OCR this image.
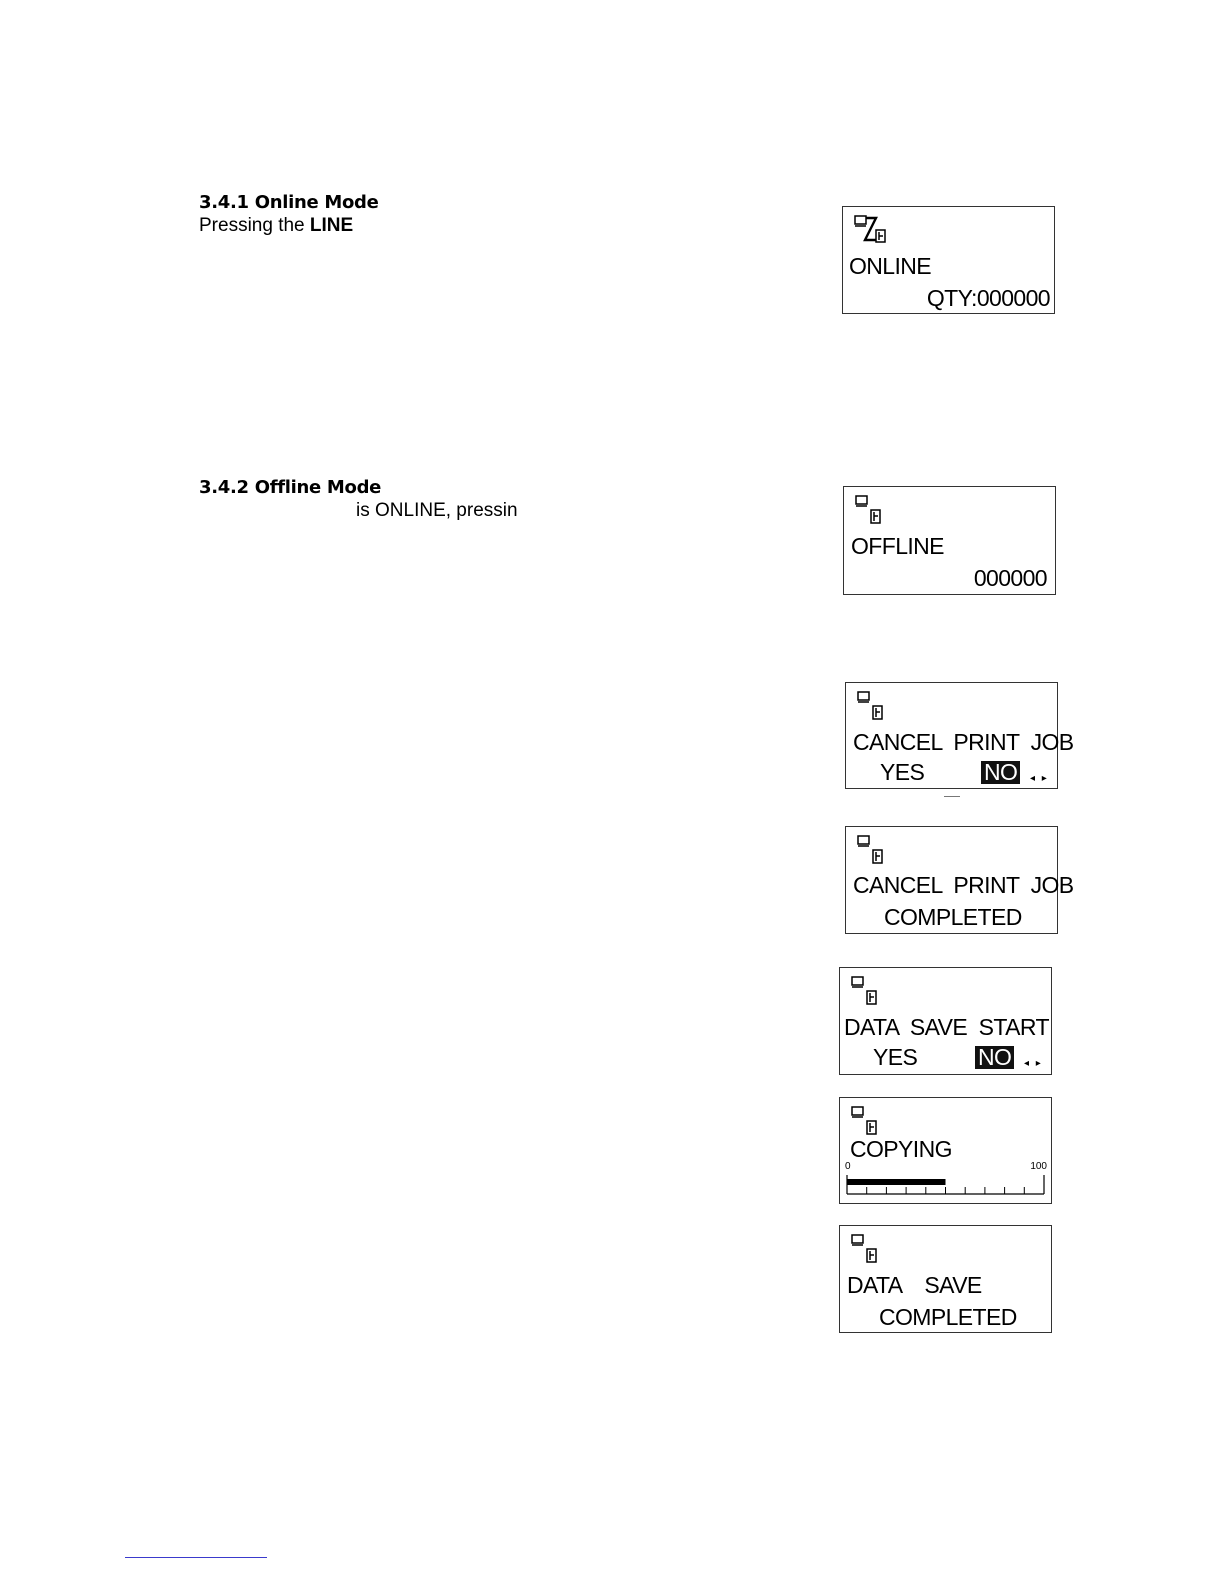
3.4.1 Online Mode
Pressing the LINE
3.4.2 Offline Mode
is ONLINE, pressin
ONLINE
QTY:000000
OFFLINE
000000
CANCEL  PRINT  JOB
YES	NO	◂ ▸
CANCEL  PRINT  JOB
COMPLETED
DATA  SAVE  START
YES	NO	◂ ▸
COPYING
0	100
DATA    SAVE
COMPLETED
